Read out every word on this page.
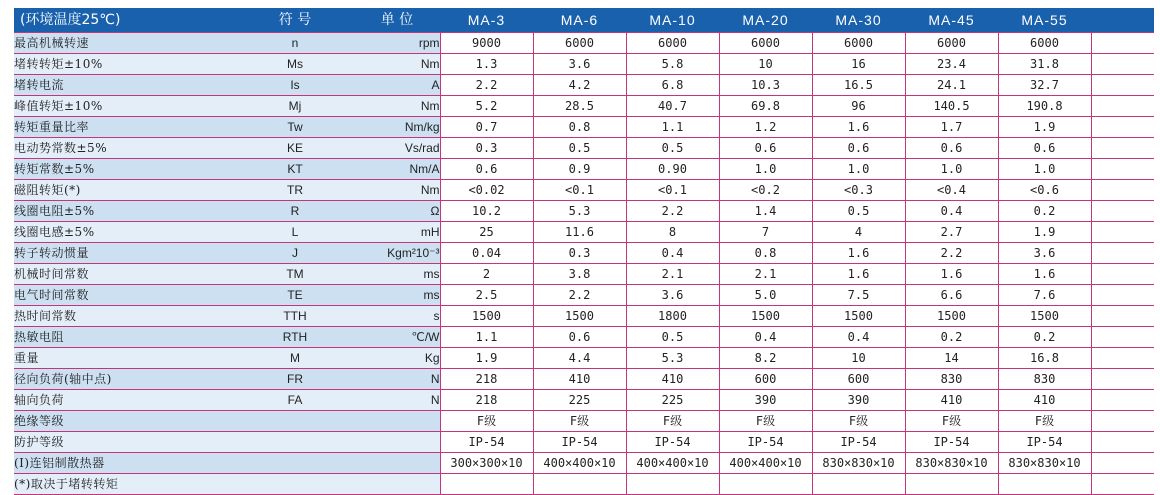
(环境温度25℃)	符 号	单 位	MA-3	MA-6	MA-10	MA-20	MA-30	MA-45	MA-55	
最高机械转速	n	rpm	9000	6000	6000	6000	6000	6000	6000	
堵转转矩±10%	Ms	Nm	1.3	3.6	5.8	10	16	23.4	31.8	
堵转电流	Is	A	2.2	4.2	6.8	10.3	16.5	24.1	32.7	
峰值转矩±10%	Mj	Nm	5.2	28.5	40.7	69.8	96	140.5	190.8	
转矩重量比率	Tw	Nm/kg	0.7	0.8	1.1	1.2	1.6	1.7	1.9	
电动势常数±5%	KE	Vs/rad	0.3	0.5	0.5	0.6	0.6	0.6	0.6	
转矩常数±5%	KT	Nm/A	0.6	0.9	0.90	1.0	1.0	1.0	1.0	
磁阻转矩(*)	TR	Nm	<0.02	<0.1	<0.1	<0.2	<0.3	<0.4	<0.6	
线圈电阻±5%	R	Ω	10.2	5.3	2.2	1.4	0.5	0.4	0.2	
线圈电感±5%	L	mH	25	11.6	8	7	4	2.7	1.9	
转子转动惯量	J	Kgm²10⁻³	0.04	0.3	0.4	0.8	1.6	2.2	3.6	
机械时间常数	TM	ms	2	3.8	2.1	2.1	1.6	1.6	1.6	
电气时间常数	TE	ms	2.5	2.2	3.6	5.0	7.5	6.6	7.6	
热时间常数	TTH	s	1500	1500	1800	1500	1500	1500	1500	
热敏电阻	RTH	℃/W	1.1	0.6	0.5	0.4	0.4	0.2	0.2	
重量	M	Kg	1.9	4.4	5.3	8.2	10	14	16.8	
径向负荷(轴中点)	FR	N	218	410	410	600	600	830	830	
轴向负荷	FA	N	218	225	225	390	390	410	410	
绝缘等级			F级	F级	F级	F级	F级	F级	F级	
防护等级			IP-54	IP-54	IP-54	IP-54	IP-54	IP-54	IP-54	
(I)连铝制散热器			300×300×10	400×400×10	400×400×10	400×400×10	830×830×10	830×830×10	830×830×10	
(*)取决于堵转转矩										
